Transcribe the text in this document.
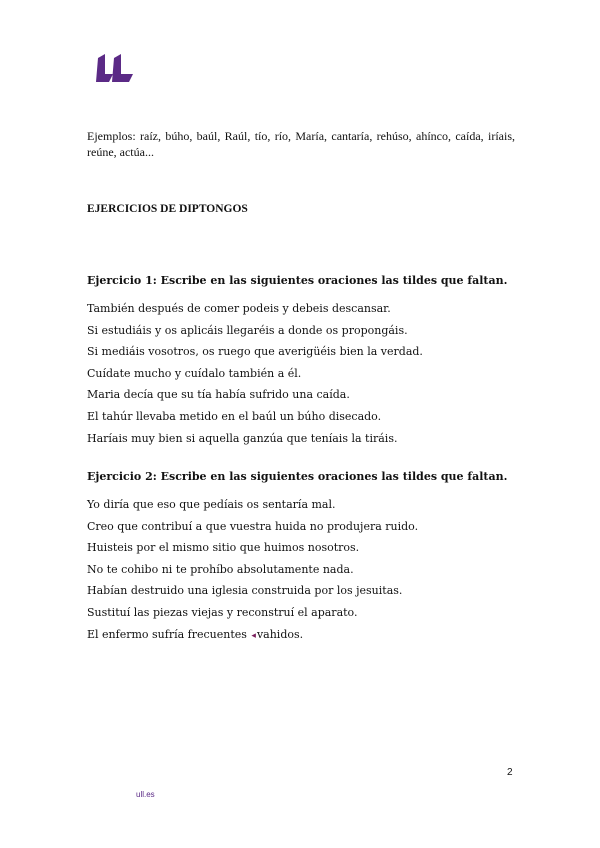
Ejemplos: raíz, búho, baúl, Raúl, tío, río, María, cantaría, rehúso, ahínco, caída, iríais, reúne, actúa...
EJERCICIOS DE DIPTONGOS
Ejercicio 1: Escribe en las siguientes oraciones las tildes que faltan.
También después de comer podeis y debeis descansar.
Si estudiáis y os aplicáis llegaréis a donde os propongáis.
Si mediáis vosotros, os ruego que averigüéis bien la verdad.
Cuídate mucho y cuídalo también a él.
Maria decía que su tía había sufrido una caída.
El tahúr llevaba metido en el baúl un búho disecado.
Haríais muy bien si aquella ganzúa que teníais la tiráis.
Ejercicio 2: Escribe en las siguientes oraciones las tildes que faltan.
Yo diría que eso que pedíais os sentaría mal.
Creo que contribuí a que vuestra huida no produjera ruido.
Huisteis por el mismo sitio que huimos nosotros.
No te cohibo ni te prohíbo absolutamente nada.
Habían destruido una iglesia construida por los jesuitas.
Sustituí las piezas viejas y reconstruí el aparato.
El enfermo sufría frecuentes ◂vahidos.
2
ull.es
